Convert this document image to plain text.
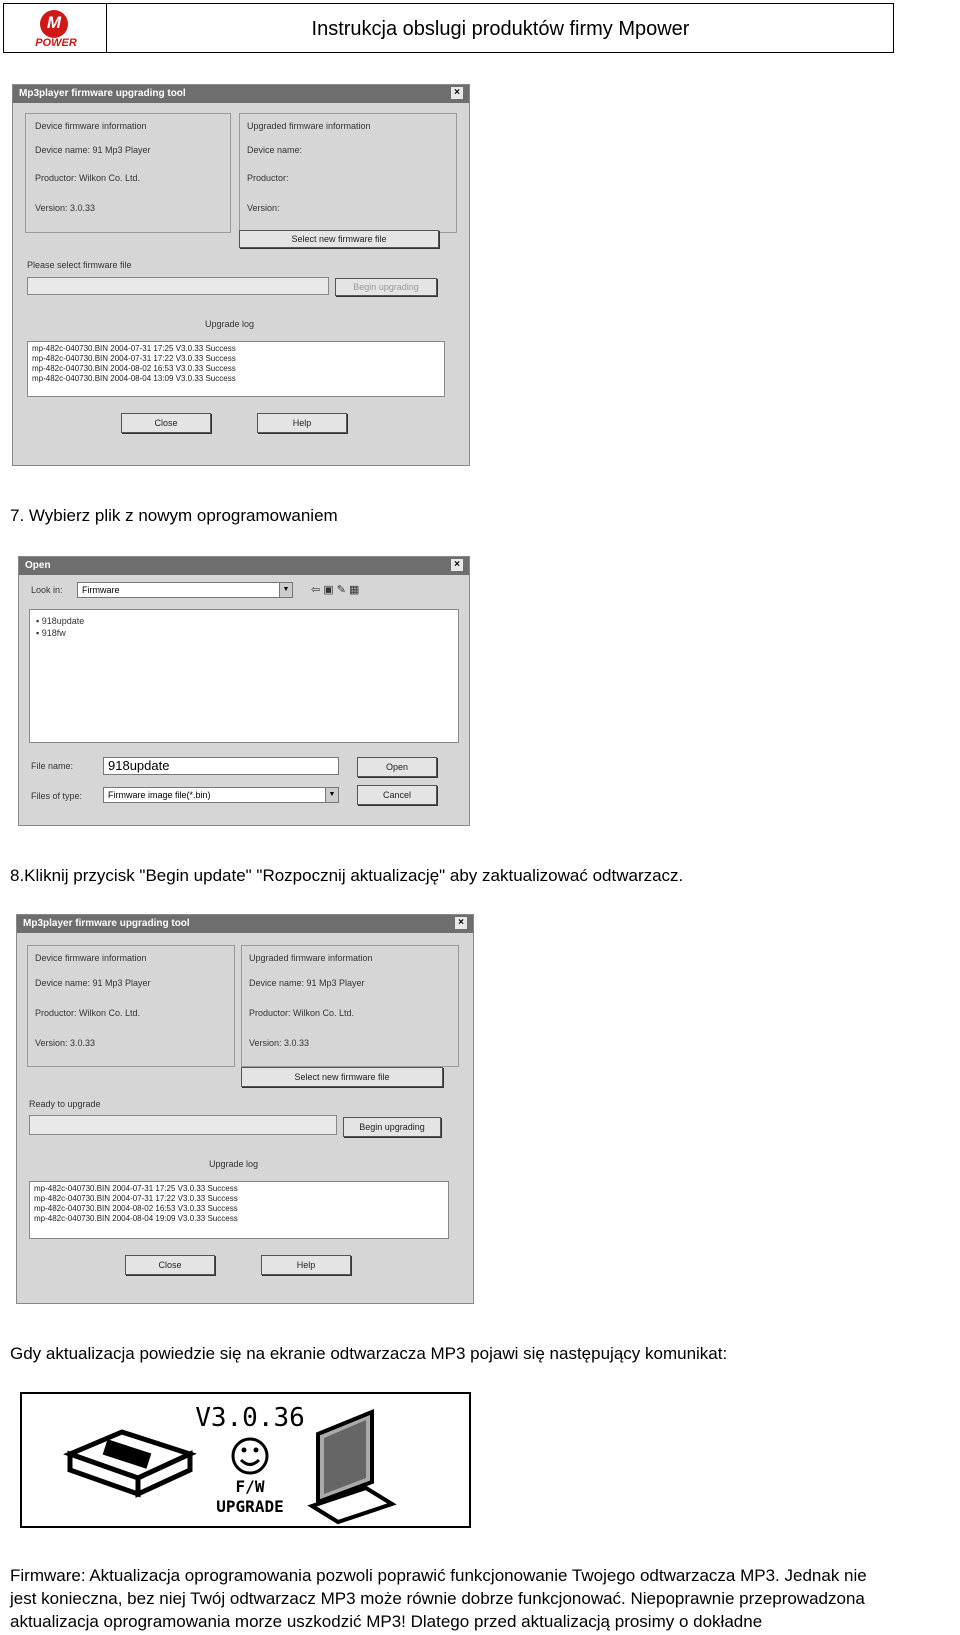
M
POWER
Instrukcja obslugi produktów firmy Mpower
Mp3player firmware upgrading tool	×
Device firmware information
Device name: 91 Mp3 Player
Productor: Wilkon Co. Ltd.
Version: 3.0.33
Upgraded firmware information
Device name:
Productor:
Version:
Select new firmware file
Please select firmware file
Begin upgrading
Upgrade log
mp-482c-040730.BIN 2004-07-31 17:25 V3.0.33 Success
mp-482c-040730.BIN 2004-07-31 17:22 V3.0.33 Success
mp-482c-040730.BIN 2004-08-02 16:53 V3.0.33 Success
mp-482c-040730.BIN 2004-08-04 13:09 V3.0.33 Success
Close	Help
7. Wybierz plik z nowym oprogramowaniem
Open	×
Look in:	Firmware	▼ ⇦ ▣ ✎ ▦
▪ 918update
▪ 918fw
File name:	918update
Files of type:	Firmware image file(*.bin)	▼
Open
Cancel
8.Kliknij przycisk "Begin update" "Rozpocznij aktualizację" aby zaktualizować odtwarzacz.
Mp3player firmware upgrading tool	×
Device firmware information
Device name: 91 Mp3 Player
Productor: Wilkon Co. Ltd.
Version: 3.0.33
Upgraded firmware information
Device name: 91 Mp3 Player
Productor: Wilkon Co. Ltd.
Version: 3.0.33
Select new firmware file
Ready to upgrade
Begin upgrading
Upgrade log
mp-482c-040730.BIN 2004-07-31 17:25 V3.0.33 Success
mp-482c-040730.BIN 2004-07-31 17:22 V3.0.33 Success
mp-482c-040730.BIN 2004-08-02 16:53 V3.0.33 Success
mp-482c-040730.BIN 2004-08-04 19:09 V3.0.33 Success
Close	Help
Gdy aktualizacja powiedzie się na ekranie odtwarzacza MP3 pojawi się następujący komunikat:
V3.0.36
F/W
UPGRADE
Firmware: Aktualizacja oprogramowania pozwoli poprawić funkcjonowanie Twojego odtwarzacza MP3. Jednak nie
jest konieczna, bez niej Twój odtwarzacz MP3 może równie dobrze funkcjonować. Niepoprawnie przeprowadzona
aktualizacja oprogramowania morze uszkodzić MP3! Dlatego przed aktualizacją prosimy o dokładne
